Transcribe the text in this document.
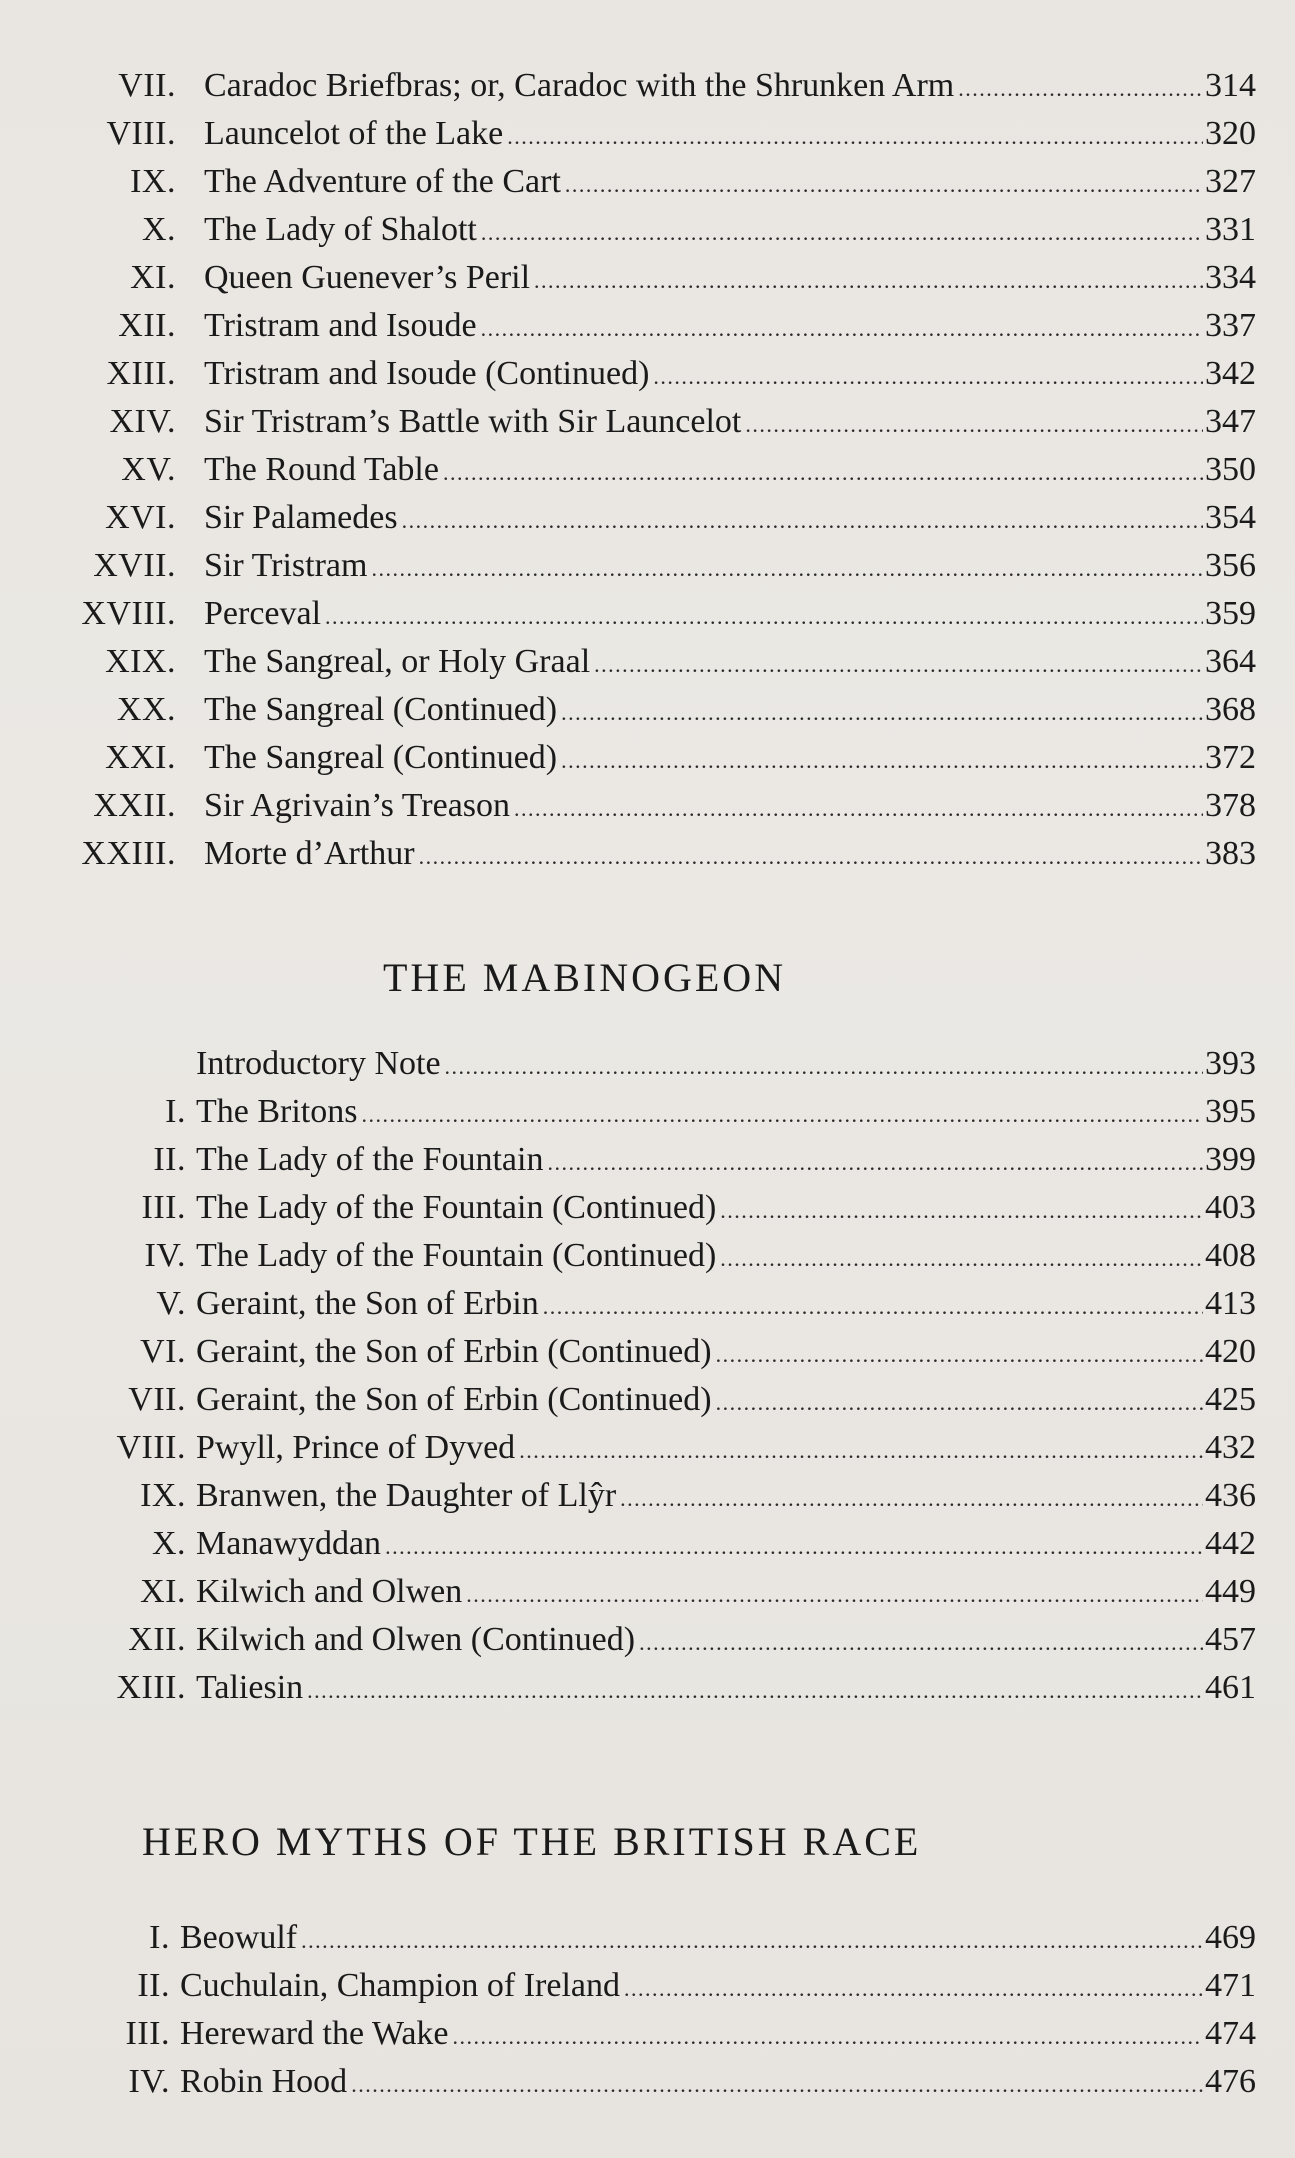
VII. Caradoc Briefbras; or, Caradoc with the Shrunken Arm .....	314
VIII. Launcelot of the Lake .....	320
IX. The Adventure of the Cart .....	327
X. The Lady of Shalott .....	331
XI. Queen Guenever’s Peril .....	334
XII. Tristram and Isoude .....	337
XIII. Tristram and Isoude (Continued) .....	342
XIV. Sir Tristram’s Battle with Sir Launcelot .....	347
XV. The Round Table .....	350
XVI. Sir Palamedes .....	354
XVII. Sir Tristram .....	356
XVIII. Perceval .....	359
XIX. The Sangreal, or Holy Graal .....	364
XX. The Sangreal (Continued) .....	368
XXI. The Sangreal (Continued) .....	372
XXII. Sir Agrivain’s Treason .....	378
XXIII. Morte d’Arthur .....	383
THE MABINOGEON
Introductory Note .....	393
I. The Britons .....	395
II. The Lady of the Fountain .....	399
III. The Lady of the Fountain (Continued) .....	403
IV. The Lady of the Fountain (Continued) .....	408
V. Geraint, the Son of Erbin .....	413
VI. Geraint, the Son of Erbin (Continued) .....	420
VII. Geraint, the Son of Erbin (Continued) .....	425
VIII. Pwyll, Prince of Dyved .....	432
IX. Branwen, the Daughter of Llŷr .....	436
X. Manawyddan .....	442
XI. Kilwich and Olwen .....	449
XII. Kilwich and Olwen (Continued) .....	457
XIII. Taliesin .....	461
HERO MYTHS OF THE BRITISH RACE
I. Beowulf .....	469
II. Cuchulain, Champion of Ireland .....	471
III. Hereward the Wake .....	474
IV. Robin Hood .....	476
